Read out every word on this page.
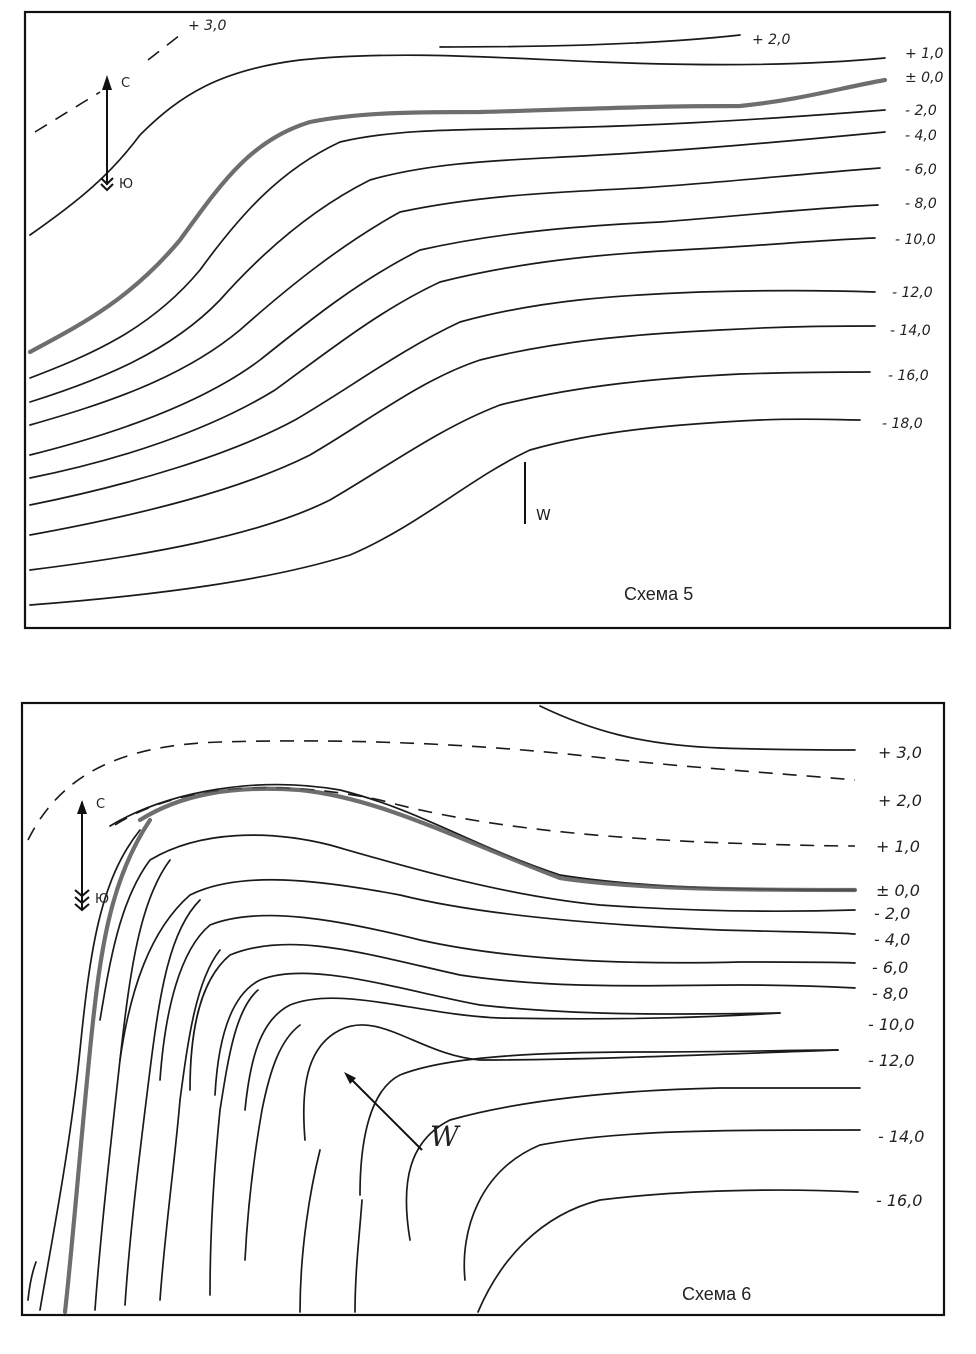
+ 3,0
+ 2,0
+ 1,0
± 0,0
- 2,0
- 4,0
- 6,0
- 8,0
- 10,0
- 12,0
- 14,0
- 16,0
- 18,0
С
Ю
W
Схема 5
+ 3,0
+ 2,0
+ 1,0
± 0,0
- 2,0
- 4,0
- 6,0
- 8,0
- 10,0
- 12,0
- 14,0
- 16,0
С
Ю
W
Схема 6
